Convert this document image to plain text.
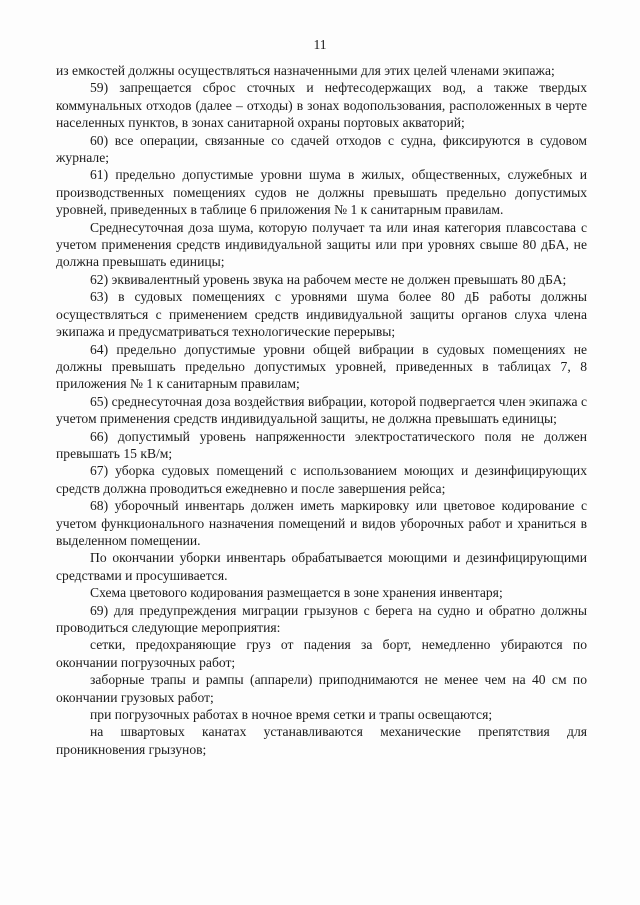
11

из емкостей должны осуществляться назначенными для этих целей членами экипажа;

59) запрещается сброс сточных и нефтесодержащих вод, а также твердых коммунальных отходов (далее – отходы) в зонах водопользования, расположенных в черте населенных пунктов, в зонах санитарной охраны портовых акваторий;

60) все операции, связанные со сдачей отходов с судна, фиксируются в судовом журнале;

61) предельно допустимые уровни шума в жилых, общественных, служебных и производственных помещениях судов не должны превышать предельно допустимых уровней, приведенных в таблице 6 приложения № 1 к санитарным правилам.

Среднесуточная доза шума, которую получает та или иная категория плавсостава с учетом применения средств индивидуальной защиты или при уровнях свыше 80 дБА, не должна превышать единицы;

62) эквивалентный уровень звука на рабочем месте не должен превышать 80 дБА;

63) в судовых помещениях с уровнями шума более 80 дБ работы должны осуществляться с применением средств индивидуальной защиты органов слуха члена экипажа и предусматриваться технологические перерывы;

64) предельно допустимые уровни общей вибрации в судовых помещениях не должны превышать предельно допустимых уровней, приведенных в таблицах 7, 8 приложения № 1 к санитарным правилам;

65) среднесуточная доза воздействия вибрации, которой подвергается член экипажа с учетом применения средств индивидуальной защиты, не должна превышать единицы;

66) допустимый уровень напряженности электростатического поля не должен превышать 15 кВ/м;

67) уборка судовых помещений с использованием моющих и дезинфицирующих средств должна проводиться ежедневно и после завершения рейса;

68) уборочный инвентарь должен иметь маркировку или цветовое кодирование с учетом функционального назначения помещений и видов уборочных работ и храниться в выделенном помещении.

По окончании уборки инвентарь обрабатывается моющими и дезинфицирующими средствами и просушивается.

Схема цветового кодирования размещается в зоне хранения инвентаря;

69) для предупреждения миграции грызунов с берега на судно и обратно должны проводиться следующие мероприятия:

сетки, предохраняющие груз от падения за борт, немедленно убираются по окончании погрузочных работ;

заборные трапы и рампы (аппарели) приподнимаются не менее чем на 40 см по окончании грузовых работ;

при погрузочных работах в ночное время сетки и трапы освещаются;

на швартовых канатах устанавливаются механические препятствия для проникновения грызунов;
